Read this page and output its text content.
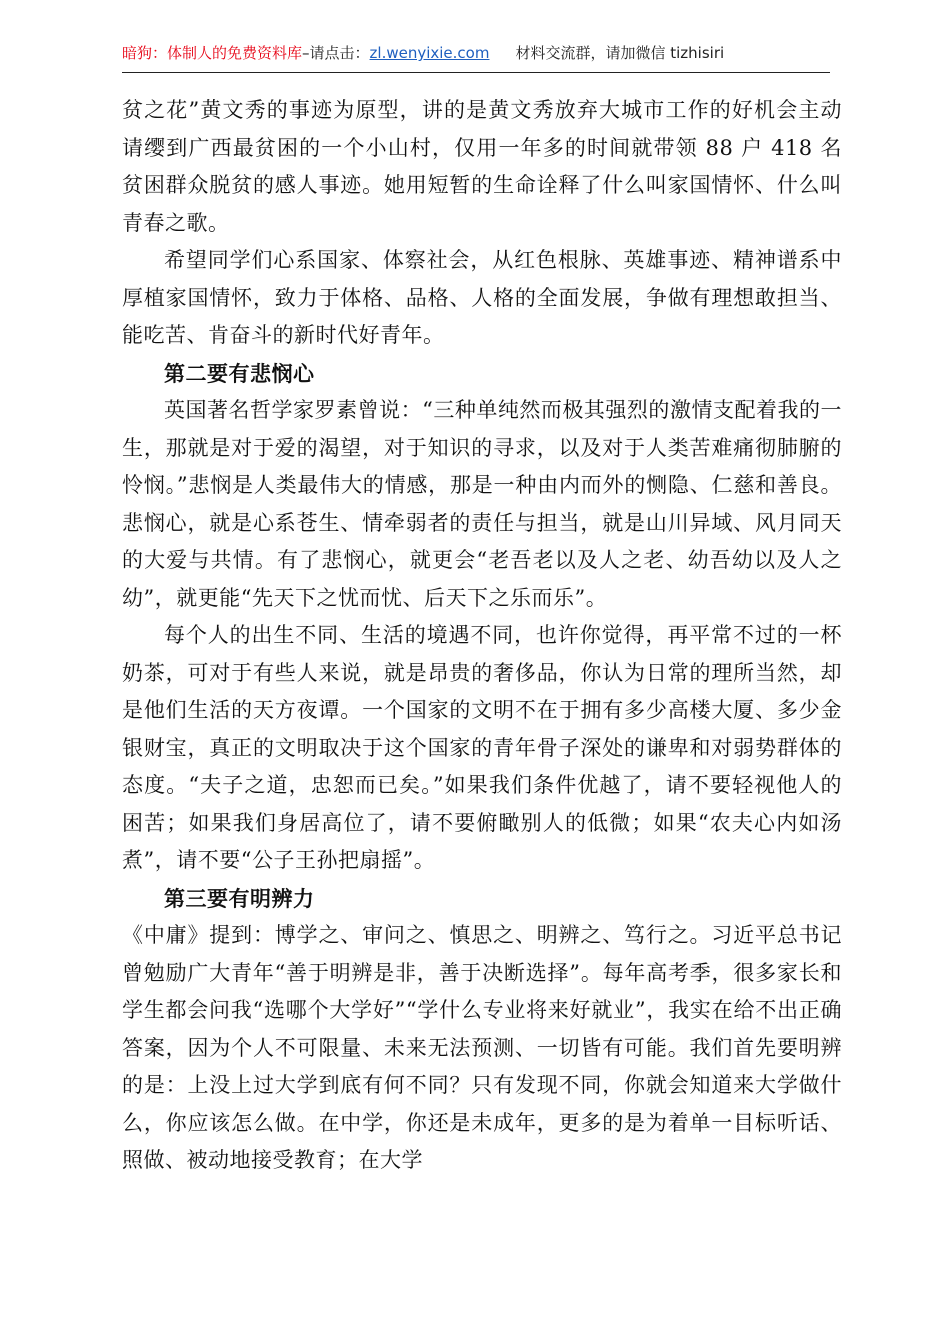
暗狗：体制人的免费资料库–请点击：zl.wenyixie.com 材料交流群，请加微信 tizhisiri

贫之花”黄文秀的事迹为原型，讲的是黄文秀放弃大城市工作的好机会主动请缨到广西最贫困的一个小山村，仅用一年多的时间就带领 88 户 418 名贫困群众脱贫的感人事迹。她用短暂的生命诠释了什么叫家国情怀、什么叫青春之歌。

希望同学们心系国家、体察社会，从红色根脉、英雄事迹、精神谱系中厚植家国情怀，致力于体格、品格、人格的全面发展，争做有理想敢担当、能吃苦、肯奋斗的新时代好青年。

第二要有悲悯心

英国著名哲学家罗素曾说：“三种单纯然而极其强烈的激情支配着我的一生，那就是对于爱的渴望，对于知识的寻求，以及对于人类苦难痛彻肺腑的怜悯。”悲悯是人类最伟大的情感，那是一种由内而外的恻隐、仁慈和善良。悲悯心，就是心系苍生、情牵弱者的责任与担当，就是山川异域、风月同天的大爱与共情。有了悲悯心，就更会“老吾老以及人之老、幼吾幼以及人之幼”，就更能“先天下之忧而忧、后天下之乐而乐”。

每个人的出生不同、生活的境遇不同，也许你觉得，再平常不过的一杯奶茶，可对于有些人来说，就是昂贵的奢侈品，你认为日常的理所当然，却是他们生活的天方夜谭。一个国家的文明不在于拥有多少高楼大厦、多少金银财宝，真正的文明取决于这个国家的青年骨子深处的谦卑和对弱势群体的态度。“夫子之道，忠恕而已矣。”如果我们条件优越了，请不要轻视他人的困苦；如果我们身居高位了，请不要俯瞰别人的低微；如果“农夫心内如汤煮”，请不要“公子王孙把扇摇”。

第三要有明辨力

《中庸》提到：博学之、审问之、慎思之、明辨之、笃行之。习近平总书记曾勉励广大青年“善于明辨是非，善于决断选择”。每年高考季，很多家长和学生都会问我“选哪个大学好”“学什么专业将来好就业”，我实在给不出正确答案，因为个人不可限量、未来无法预测、一切皆有可能。我们首先要明辨的是：上没上过大学到底有何不同？只有发现不同，你就会知道来大学做什么，你应该怎么做。在中学，你还是未成年，更多的是为着单一目标听话、照做、被动地接受教育；在大学
